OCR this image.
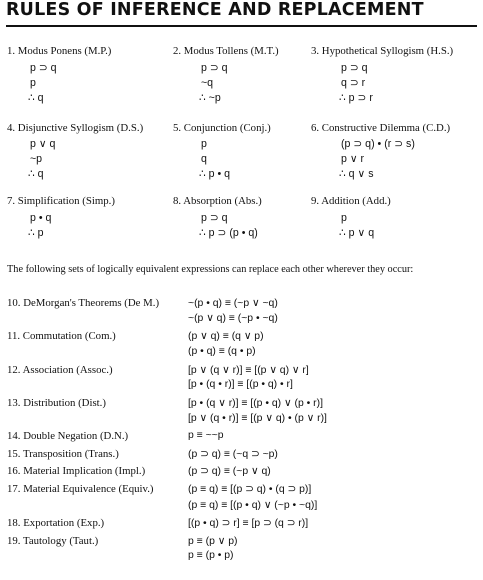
RULES OF INFERENCE AND REPLACEMENT
1. Modus Ponens (M.P.)
p ⊃ q
p
∴ q
2. Modus Tollens (M.T.)
p ⊃ q
~q
∴ ~p
3. Hypothetical Syllogism (H.S.)
p ⊃ q
q ⊃ r
∴ p ⊃ r
4. Disjunctive Syllogism (D.S.)
p ∨ q
~p
∴ q
5. Conjunction (Conj.)
p
q
∴ p • q
6. Constructive Dilemma (C.D.)
(p ⊃ q) • (r ⊃ s)
p ∨ r
∴ q ∨ s
7. Simplification (Simp.)
p • q
∴ p
8. Absorption (Abs.)
p ⊃ q
∴ p ⊃ (p • q)
9. Addition (Add.)
p
∴ p ∨ q
The following sets of logically equivalent expressions can replace each other wherever they occur:
10. DeMorgan's Theorems (De M.)	~(p • q) ≡ (~p ∨ ~q)
~(p ∨ q) ≡ (~p • ~q)
11. Commutation (Com.)	(p ∨ q) ≡ (q ∨ p)
(p • q) ≡ (q • p)
12. Association (Assoc.)	[p ∨ (q ∨ r)] ≡ [(p ∨ q) ∨ r]
[p • (q • r)] ≡ [(p • q) • r]
13. Distribution (Dist.)	[p • (q ∨ r)] ≡ [(p • q) ∨ (p • r)]
[p ∨ (q • r)] ≡ [(p ∨ q) • (p ∨ r)]
14. Double Negation (D.N.)	p ≡ ~~p
15. Transposition (Trans.)	(p ⊃ q) ≡ (~q ⊃ ~p)
16. Material Implication (Impl.)	(p ⊃ q) ≡ (~p ∨ q)
17. Material Equivalence (Equiv.)	(p ≡ q) ≡ [(p ⊃ q) • (q ⊃ p)]
(p ≡ q) ≡ [(p • q) ∨ (~p • ~q)]
18. Exportation (Exp.)	[(p • q) ⊃ r] ≡ [p ⊃ (q ⊃ r)]
19. Tautology (Taut.)	p ≡ (p ∨ p)
p ≡ (p • p)
